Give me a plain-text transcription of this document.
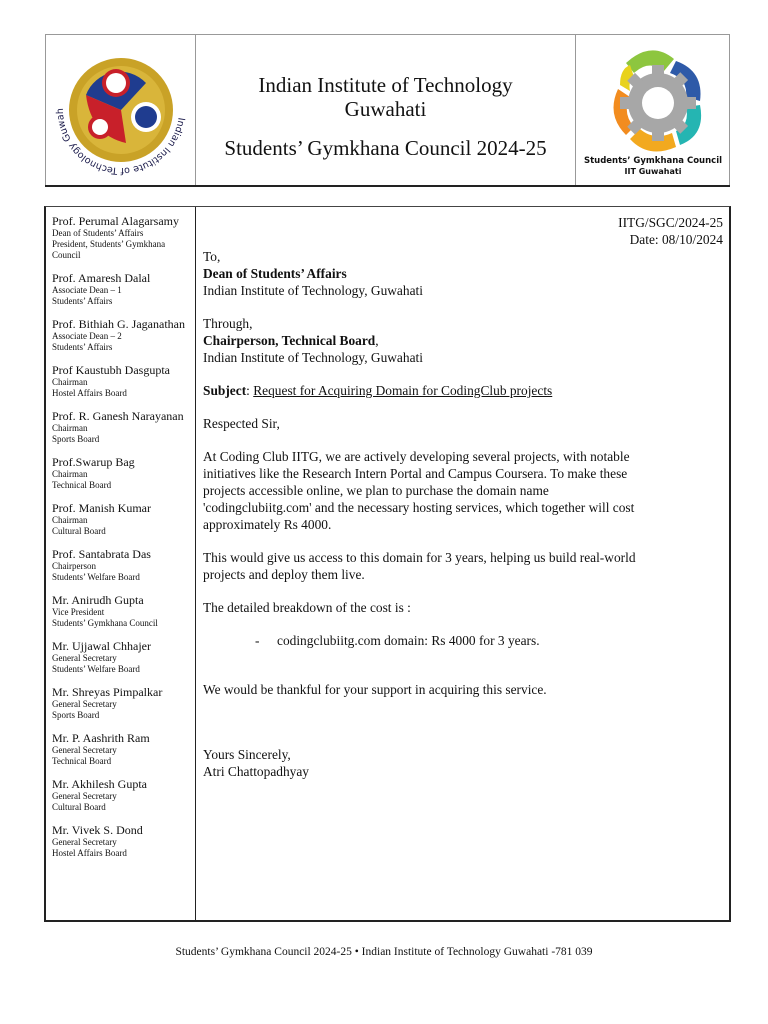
Indian Institute of Technology Guwah
Indian Institute of Technology
Guwahati
Students’ Gymkhana Council 2024-25
Students’ Gymkhana Council
IIT Guwahati
Prof. Perumal Alagarsamy
Dean of Students’ Affairs
President, Students’ Gymkhana
Council
Prof. Amaresh Dalal
Associate Dean – 1
Students’ Affairs
Prof. Bithiah G. Jaganathan
Associate Dean – 2
Students’ Affairs
Prof Kaustubh Dasgupta
Chairman
Hostel Affairs Board
Prof. R. Ganesh Narayanan
Chairman
Sports Board
Prof.Swarup Bag
Chairman
Technical Board
Prof. Manish Kumar
Chairman
Cultural Board
Prof. Santabrata Das
Chairperson
Students’ Welfare Board
Mr. Anirudh Gupta
Vice President
Students’ Gymkhana Council
Mr. Ujjawal Chhajer
General Secretary
Students’ Welfare Board
Mr. Shreyas Pimpalkar
General Secretary
Sports Board
Mr. P. Aashrith Ram
General Secretary
Technical Board
Mr. Akhilesh Gupta
General Secretary
Cultural Board
Mr. Vivek S. Dond
General Secretary
Hostel Affairs Board
IITG/SGC/2024-25
Date: 08/10/2024
To,
Dean of Students’ Affairs
Indian Institute of Technology, Guwahati
Through,
Chairperson, Technical Board,
Indian Institute of Technology, Guwahati
Subject: Request for Acquiring Domain for CodingClub projects
Respected Sir,
At Coding Club IITG, we are actively developing several projects, with notable
initiatives like the Research Intern Portal and Campus Coursera. To make these
projects accessible online, we plan to purchase the domain name
'codingclubiitg.com' and the necessary hosting services, which together will cost
approximately Rs 4000.
This would give us access to this domain for 3 years, helping us build real-world
projects and deploy them live.
The detailed breakdown of the cost is :
-	codingclubiitg.com domain: Rs 4000 for 3 years.
We would be thankful for your support in acquiring this service.
Yours Sincerely,
Atri Chattopadhyay
Students’ Gymkhana Council 2024-25 • Indian Institute of Technology Guwahati -781 039
